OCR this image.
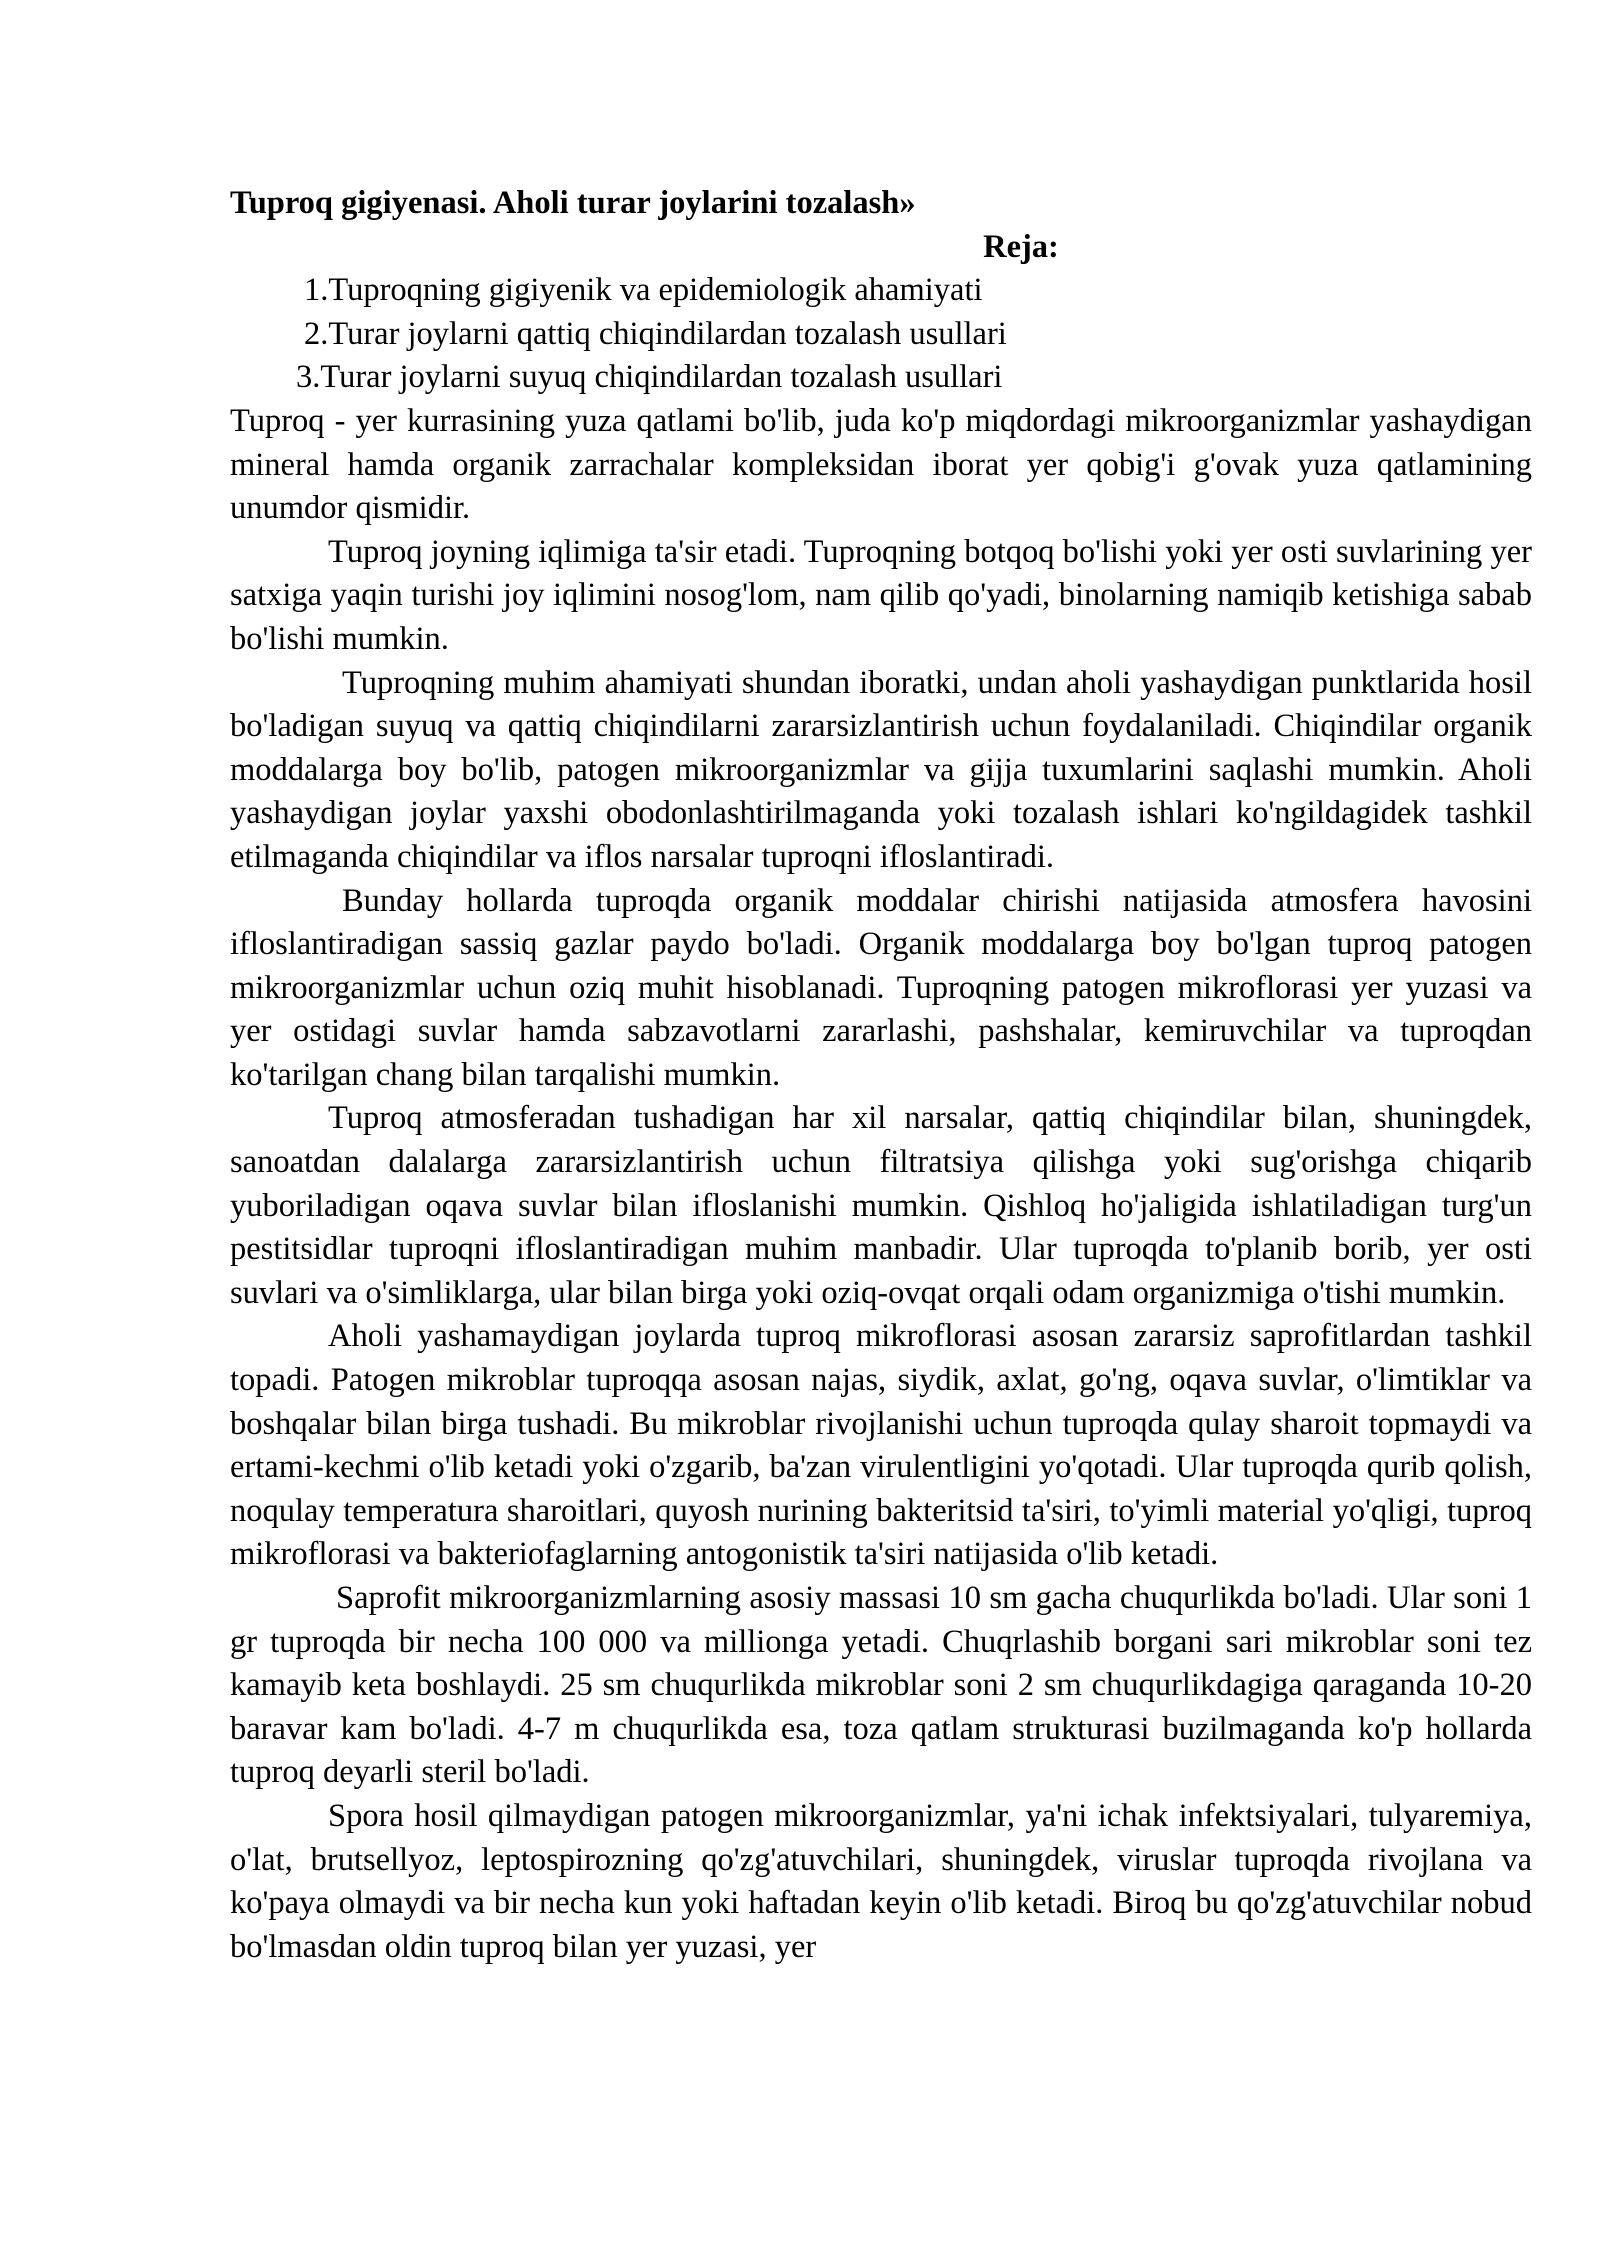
Tuproq gigiyenasi. Aholi turar joylarini tozalash»

Reja:

1.Tuproqning gigiyenik va epidemiologik ahamiyati
2.Turar joylarni qattiq chiqindilardan tozalash usullari
3.Turar joylarni suyuq chiqindilardan tozalash usullari

Tuproq - yer kurrasining yuza qatlami bo'lib, juda ko'p miqdordagi mikroorganizmlar yashaydigan mineral hamda organik zarrachalar kompleksidan iborat yer qobig'i g'ovak yuza qatlamining unumdor qismidir.

Tuproq joyning iqlimiga ta'sir etadi. Tuproqning botqoq bo'lishi yoki yer osti suvlarining yer satxiga yaqin turishi joy iqlimini nosog'lom, nam qilib qo'yadi, binolarning namiqib ketishiga sabab bo'lishi mumkin.

Tuproqning muhim ahamiyati shundan iboratki, undan aholi yashaydigan punktlarida hosil bo'ladigan suyuq va qattiq chiqindilarni zararsizlantirish uchun foydalaniladi. Chiqindilar organik moddalarga boy bo'lib, patogen mikroorganizmlar va gijja tuxumlarini saqlashi mumkin. Aholi yashaydigan joylar yaxshi obodonlashtirilmaganda yoki tozalash ishlari ko'ngildagidek tashkil etilmaganda chiqindilar va iflos narsalar tuproqni ifloslantiradi.

Bunday hollarda tuproqda organik moddalar chirishi natijasida atmosfera havosini ifloslantiradigan sassiq gazlar paydo bo'ladi. Organik moddalarga boy bo'lgan tuproq patogen mikroorganizmlar uchun oziq muhit hisoblanadi. Tuproqning patogen mikroflorasi yer yuzasi va yer ostidagi suvlar hamda sabzavotlarni zararlashi, pashshalar, kemiruvchilar va tuproqdan ko'tarilgan chang bilan tarqalishi mumkin.

Tuproq atmosferadan tushadigan har xil narsalar, qattiq chiqindilar bilan, shuningdek, sanoatdan dalalarga zararsizlantirish uchun filtratsiya qilishga yoki sug'orishga chiqarib yuboriladigan oqava suvlar bilan ifloslanishi mumkin. Qishloq ho'jaligida ishlatiladigan turg'un pestitsidlar tuproqni ifloslantiradigan muhim manbadir. Ular tuproqda to'planib borib, yer osti suvlari va o'simliklarga, ular bilan birga yoki oziq-ovqat orqali odam organizmiga o'tishi mumkin.

Aholi yashamaydigan joylarda tuproq mikroflorasi asosan zararsiz saprofitlardan tashkil topadi. Patogen mikroblar tuproqqa asosan najas, siydik, axlat, go'ng, oqava suvlar, o'limtiklar va boshqalar bilan birga tushadi. Bu mikroblar rivojlanishi uchun tuproqda qulay sharoit topmaydi va ertami-kechmi o'lib ketadi yoki o'zgarib, ba'zan virulentligini yo'qotadi. Ular tuproqda qurib qolish, noqulay temperatura sharoitlari, quyosh nurining bakteritsid ta'siri, to'yimli material yo'qligi, tuproq mikroflorasi va bakteriofaglarning antogonistik ta'siri natijasida o'lib ketadi.

Saprofit mikroorganizmlarning asosiy massasi 10 sm gacha chuqurlikda bo'ladi. Ular soni 1 gr tuproqda bir necha 100 000 va millionga yetadi. Chuqrlashib borgani sari mikroblar soni tez kamayib keta boshlaydi. 25 sm chuqurlikda mikroblar soni 2 sm chuqurlikdagiga qaraganda 10-20 baravar kam bo'ladi. 4-7 m chuqurlikda esa, toza qatlam strukturasi buzilmaganda ko'p hollarda tuproq deyarli steril bo'ladi.

Spora hosil qilmaydigan patogen mikroorganizmlar, ya'ni ichak infektsiyalari, tulyaremiya, o'lat, brutsellyoz, leptospirozning qo'zg'atuvchilari, shuningdek, viruslar tuproqda rivojlana va ko'paya olmaydi va bir necha kun yoki haftadan keyin o'lib ketadi. Biroq bu qo'zg'atuvchilar nobud bo'lmasdan oldin tuproq bilan yer yuzasi, yer
